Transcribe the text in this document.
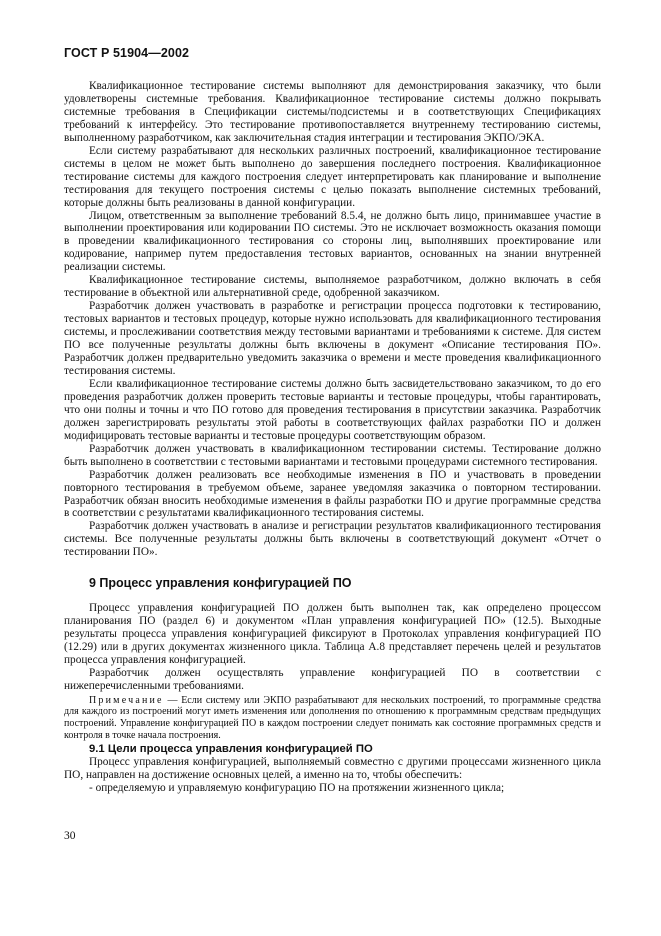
ГОСТ Р 51904—2002

Квалификационное тестирование системы выполняют для демонстрирования заказчику, что были удовлетворены системные требования. Квалификационное тестирование системы должно покрывать системные требования в Спецификации системы/подсистемы и в соответствующих Спецификациях требований к интерфейсу. Это тестирование противопоставляется внутреннему тестированию системы, выполненному разработчиком, как заключительная стадия интеграции и тестирования ЭКПО/ЭКА.

Если систему разрабатывают для нескольких различных построений, квалификационное тестирование системы в целом не может быть выполнено до завершения последнего построения. Квалификационное тестирование системы для каждого построения следует интерпретировать как планирование и выполнение тестирования для текущего построения системы с целью показать выполнение системных требований, которые должны быть реализованы в данной конфигурации.

Лицом, ответственным за выполнение требований 8.5.4, не должно быть лицо, принимавшее участие в выполнении проектирования или кодировании ПО системы. Это не исключает возможность оказания помощи в проведении квалификационного тестирования со стороны лиц, выполнявших проектирование или кодирование, например путем предоставления тестовых вариантов, основанных на знании внутренней реализации системы.

Квалификационное тестирование системы, выполняемое разработчиком, должно включать в себя тестирование в объектной или альтернативной среде, одобренной заказчиком.

Разработчик должен участвовать в разработке и регистрации процесса подготовки к тестированию, тестовых вариантов и тестовых процедур, которые нужно использовать для квалификационного тестирования системы, и прослеживании соответствия между тестовыми вариантами и требованиями к системе. Для систем ПО все полученные результаты должны быть включены в документ «Описание тестирования ПО». Разработчик должен предварительно уведомить заказчика о времени и месте проведения квалификационного тестирования системы.

Если квалификационное тестирование системы должно быть засвидетельствовано заказчиком, то до его проведения разработчик должен проверить тестовые варианты и тестовые процедуры, чтобы гарантировать, что они полны и точны и что ПО готово для проведения тестирования в присутствии заказчика. Разработчик должен зарегистрировать результаты этой работы в соответствующих файлах разработки ПО и должен модифицировать тестовые варианты и тестовые процедуры соответствующим образом.

Разработчик должен участвовать в квалификационном тестировании системы. Тестирование должно быть выполнено в соответствии с тестовыми вариантами и тестовыми процедурами системного тестирования.

Разработчик должен реализовать все необходимые изменения в ПО и участвовать в проведении повторного тестирования в требуемом объеме, заранее уведомляя заказчика о повторном тестировании. Разработчик обязан вносить необходимые изменения в файлы разработки ПО и другие программные средства в соответствии с результатами квалификационного тестирования системы.

Разработчик должен участвовать в анализе и регистрации результатов квалификационного тестирования системы. Все полученные результаты должны быть включены в соответствующий документ «Отчет о тестировании ПО».

9 Процесс управления конфигурацией ПО

Процесс управления конфигурацией ПО должен быть выполнен так, как определено процессом планирования ПО (раздел 6) и документом «План управления конфигурацией ПО» (12.5). Выходные результаты процесса управления конфигурацией фиксируют в Протоколах управления конфигурацией ПО (12.29) или в других документах жизненного цикла. Таблица А.8 представляет перечень целей и результатов процесса управления конфигурацией.

Разработчик должен осуществлять управление конфигурацией ПО в соответствии с нижеперечисленными требованиями.

Примечание — Если систему или ЭКПО разрабатывают для нескольких построений, то программные средства для каждого из построений могут иметь изменения или дополнения по отношению к программным средствам предыдущих построений. Управление конфигурацией ПО в каждом построении следует понимать как состояние программных средств и контроля в точке начала построения.

9.1 Цели процесса управления конфигурацией ПО

Процесс управления конфигурацией, выполняемый совместно с другими процессами жизненного цикла ПО, направлен на достижение основных целей, а именно на то, чтобы обеспечить:

- определяемую и управляемую конфигурацию ПО на протяжении жизненного цикла;
30
